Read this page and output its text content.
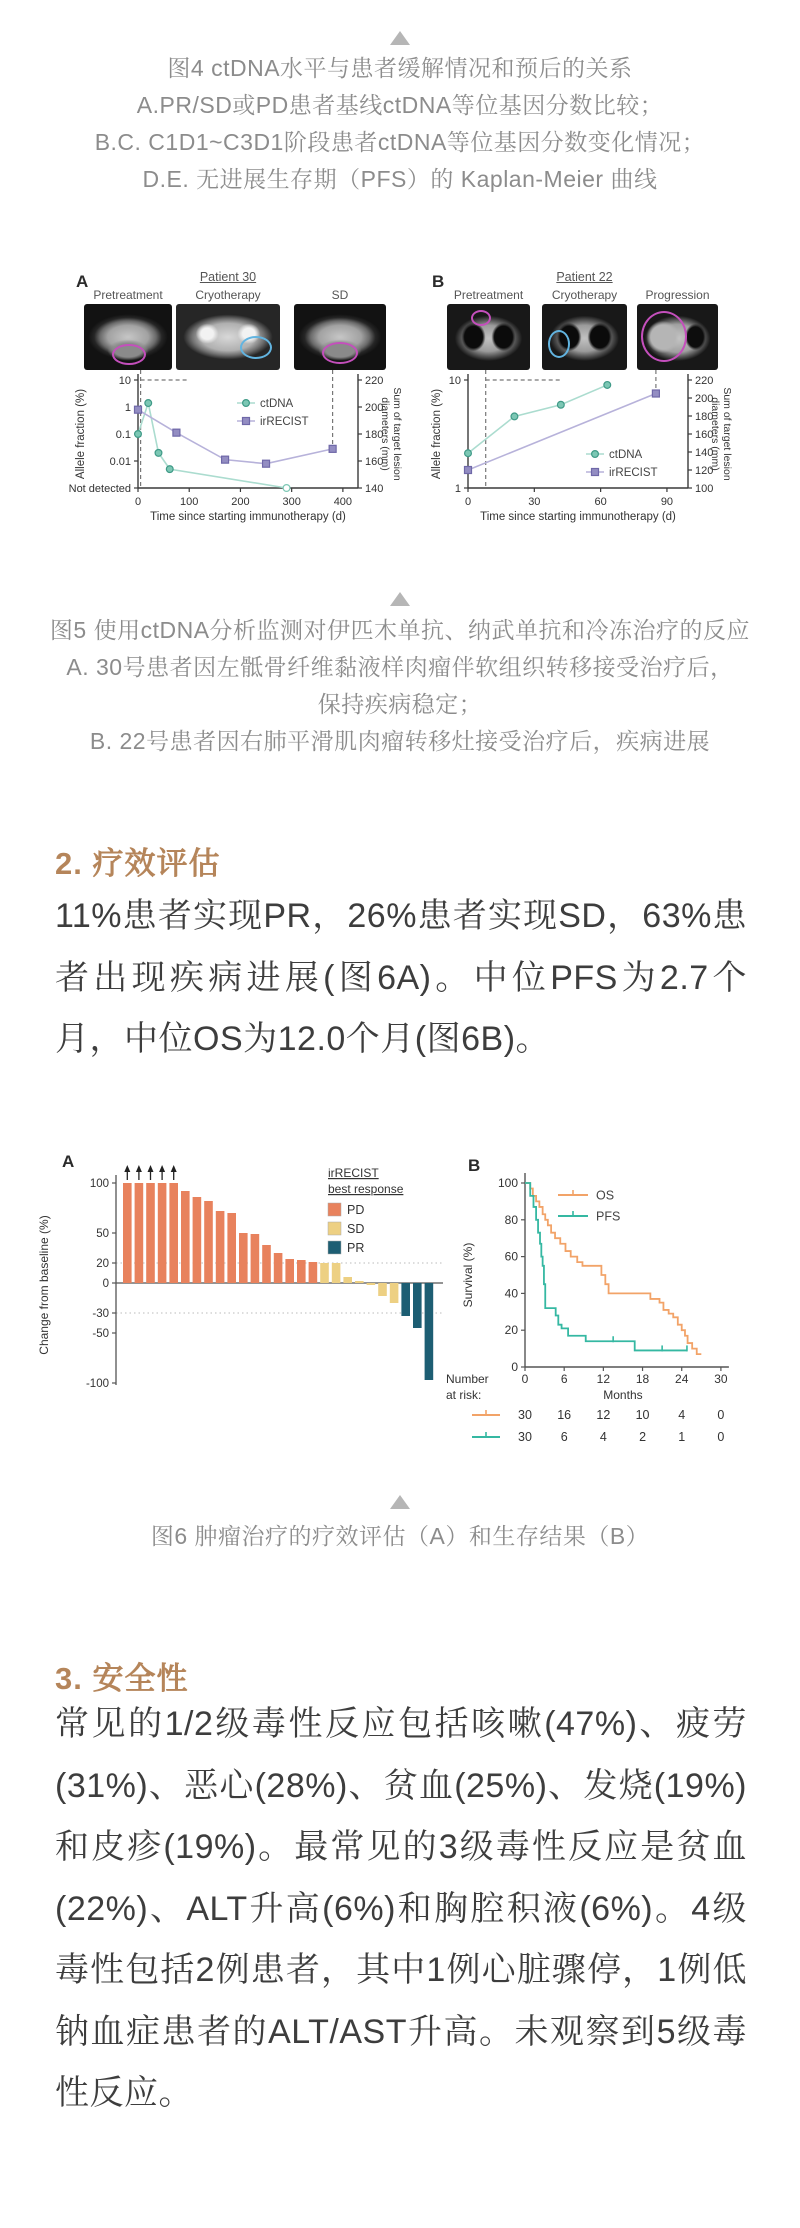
图4 ctDNA水平与患者缓解情况和预后的关系
A.PR/SD或PD患者基线ctDNA等位基因分数比较；
B.C. C1D1~C3D1阶段患者ctDNA等位基因分数变化情况；
D.E. 无进展生存期（PFS）的 Kaplan-Meier 曲线
A	Patient 30
Pretreatment	Cryotherapy	SD
10
1
0.1
0.01
Not detected
220
200
180
160
140
0	100	200	300	400
Time since starting immunotherapy (d)
Allele fraction (%)	Sum of target lesiondiameters (mm)
ctDNA
irRECIST
B	Patient 22
Pretreatment	Cryotherapy	Progression
10
1
220
200
180
160
140
120
100
0	30	60	90
Time since starting immunotherapy (d)
Allele fraction (%)	Sum of target lesiondiameters (mm)
ctDNA
irRECIST
图5 使用ctDNA分析监测对伊匹木单抗、纳武单抗和冷冻治疗的反应
A. 30号患者因左骶骨纤维黏液样肉瘤伴软组织转移接受治疗后，
保持疾病稳定；
B. 22号患者因右肺平滑肌肉瘤转移灶接受治疗后，疾病进展
2. 疗效评估

11%患者实现PR，26%患者实现SD，63%患者出现疾病进展(图6A)。中位PFS为2.7个月，中位OS为12.0个月(图6B)。

A
Change from baseline (%)
100
50
20
0
-30
-50
-100
irRECIST
best response
PD
SD
PR
B
0
20
40
60
80
100
0	6 12 18 24 30
Survival (%)
OS
PFS
Number
at risk:	Months
30 16 12 10 4	0
30 6	4	2	1	0
图6 肿瘤治疗的疗效评估（A）和生存结果（B）
3. 安全性

常见的1/2级毒性反应包括咳嗽(47%)、疲劳(31%)、恶心(28%)、贫血(25%)、发烧(19%)和皮疹(19%)。最常见的3级毒性反应是贫血(22%)、ALT升高(6%)和胸腔积液(6%)。4级毒性包括2例患者，其中1例心脏骤停，1例低钠血症患者的ALT/AST升高。未观察到5级毒性反应。
